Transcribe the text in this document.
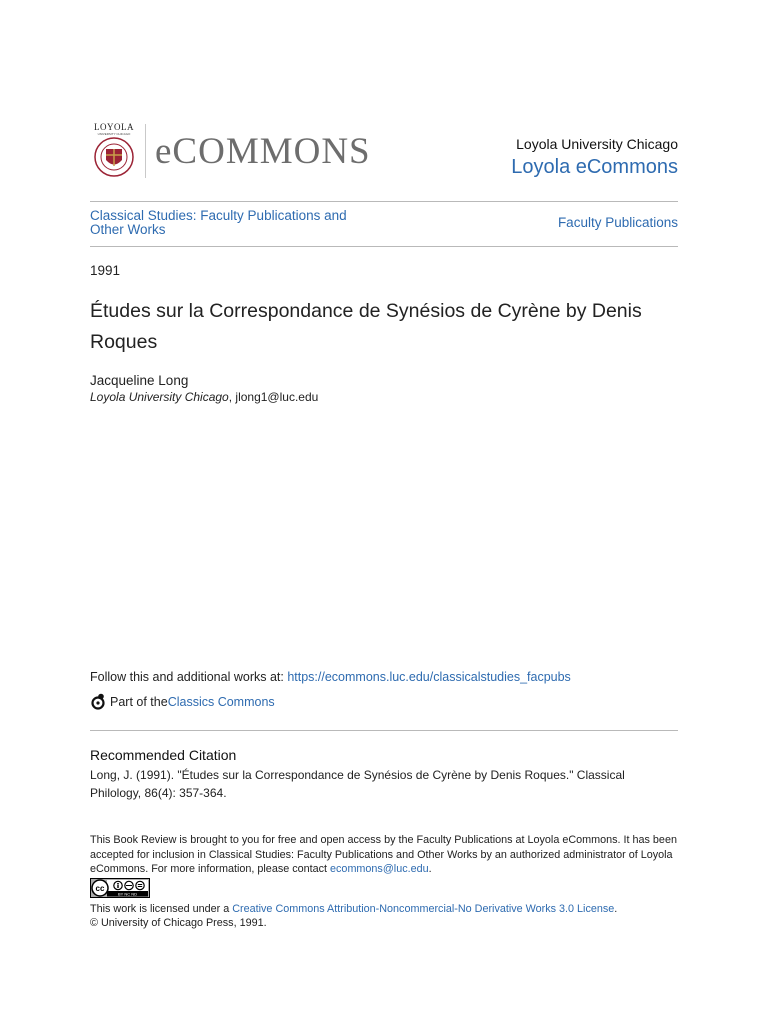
LOYOLA
UNIVERSITY CHICAGO eCOMMONS	Loyola University Chicago
Loyola eCommons
Classical Studies: Faculty Publications and Other Works	Faculty Publications
1991
Études sur la Correspondance de Synésios de Cyrène by Denis Roques
Jacqueline Long
Loyola University Chicago, jlong1@luc.edu
Follow this and additional works at: https://ecommons.luc.edu/classicalstudies_facpubs
Part of the Classics Commons
Recommended Citation
Long, J. (1991). "Études sur la Correspondance de Synésios de Cyrène by Denis Roques." Classical Philology, 86(4): 357-364.
This Book Review is brought to you for free and open access by the Faculty Publications at Loyola eCommons. It has been accepted for inclusion in Classical Studies: Faculty Publications and Other Works by an authorized administrator of Loyola eCommons. For more information, please contact ecommons@luc.edu.
cc
BY NC ND
This work is licensed under a Creative Commons Attribution-Noncommercial-No Derivative Works 3.0 License.
© University of Chicago Press, 1991.
